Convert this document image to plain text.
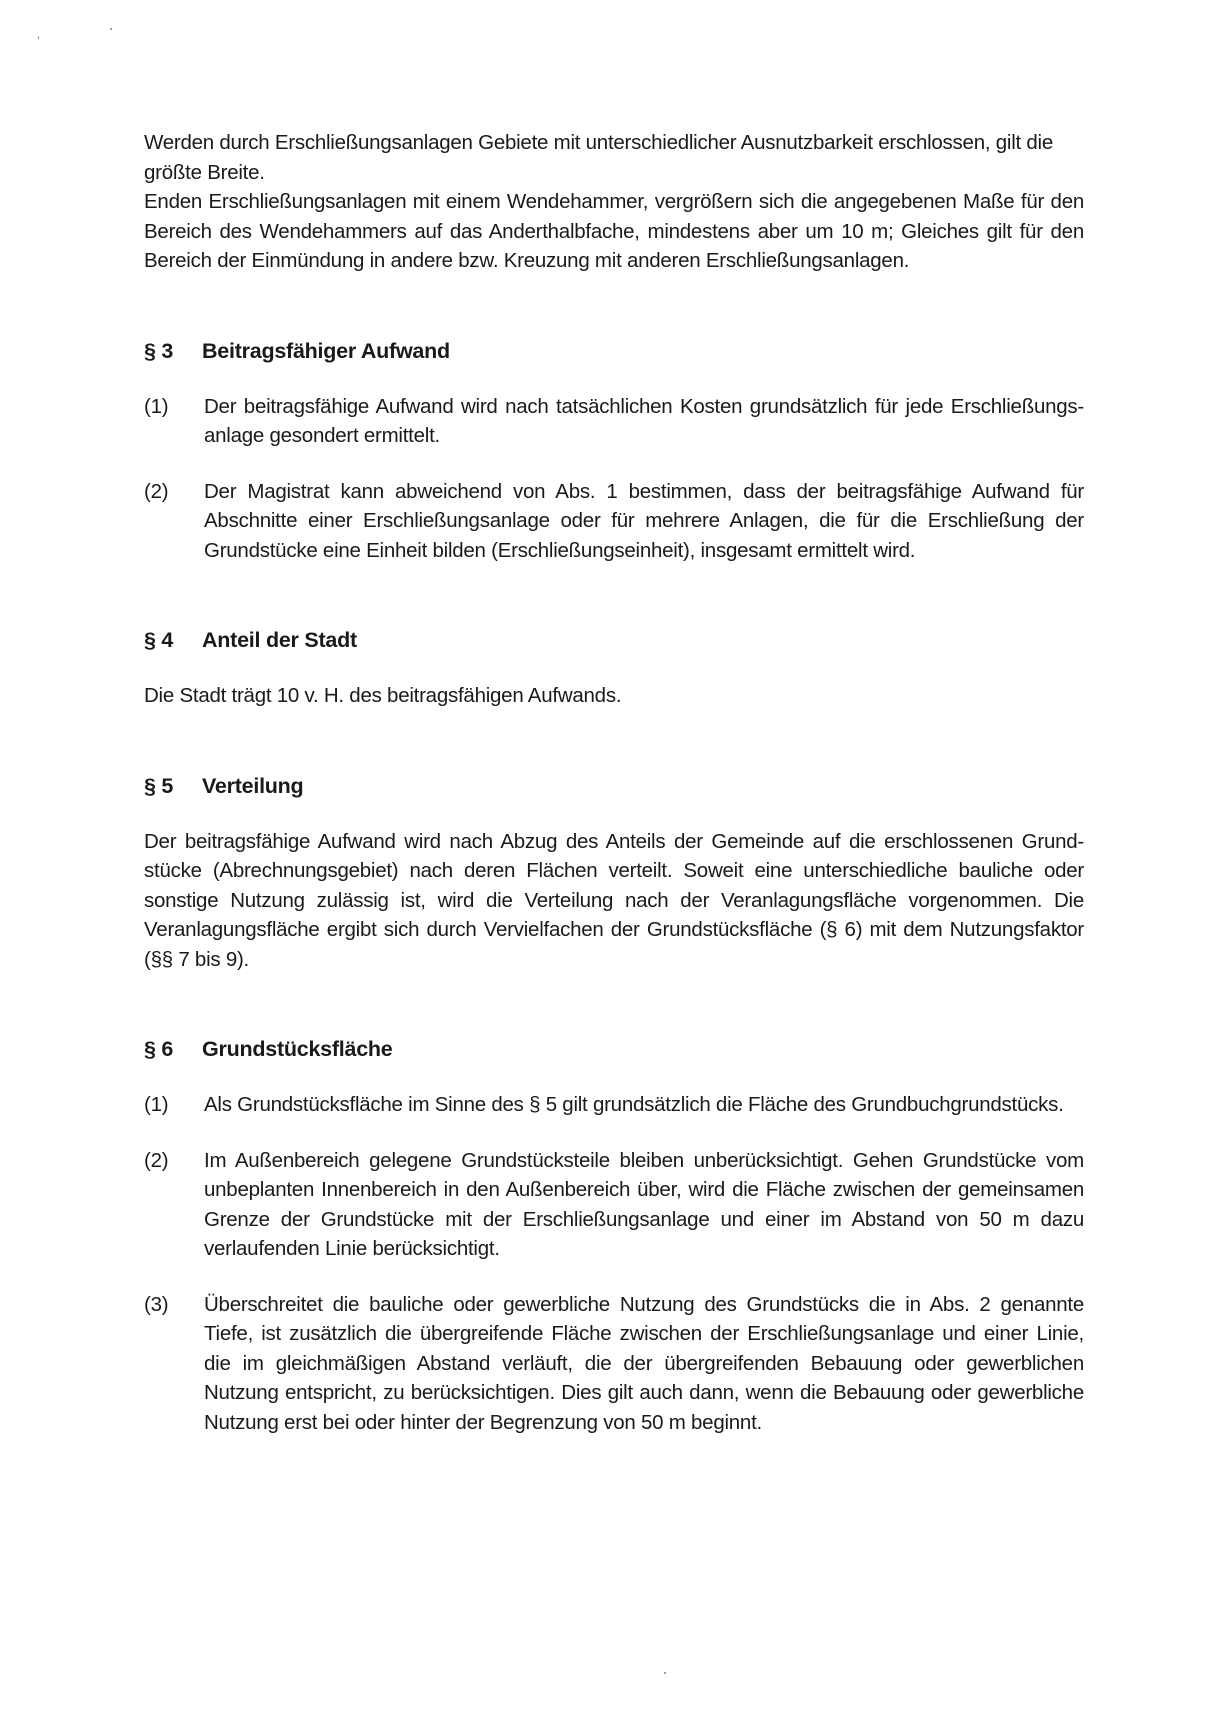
Werden durch Erschließungsanlagen Gebiete mit unterschiedlicher Ausnutzbarkeit erschlossen, gilt die
größte Breite.

Enden Erschließungsanlagen mit einem Wendehammer, vergrößern sich die angegebenen Maße für den Bereich des Wendehammers auf das Anderthalbfache, mindestens aber um 10 m; Gleiches gilt für den Bereich der Einmündung in andere bzw. Kreuzung mit anderen Erschließungsanlagen.

§ 3	Beitragsfähiger Aufwand
(1)	Der beitragsfähige Aufwand wird nach tatsächlichen Kosten grundsätzlich für jede Erschließungs- anlage gesondert ermittelt.
(2)	Der Magistrat kann abweichend von Abs. 1 bestimmen, dass der beitragsfähige Aufwand für Abschnitte einer Erschließungsanlage oder für mehrere Anlagen, die für die Erschließung der Grundstücke eine Einheit bilden (Erschließungseinheit), insgesamt ermittelt wird.
§ 4	Anteil der Stadt

Die Stadt trägt 10 v. H. des beitragsfähigen Aufwands.

§ 5	Verteilung

Der beitragsfähige Aufwand wird nach Abzug des Anteils der Gemeinde auf die erschlossenen Grund- stücke (Abrechnungsgebiet) nach deren Flächen verteilt. Soweit eine unterschiedliche bauliche oder sonstige Nutzung zulässig ist, wird die Verteilung nach der Veranlagungsfläche vorgenommen. Die Veranlagungsfläche ergibt sich durch Vervielfachen der Grundstücksfläche (§ 6) mit dem Nutzungsfaktor (§§ 7 bis 9).

§ 6	Grundstücksfläche
(1)	Als Grundstücksfläche im Sinne des § 5 gilt grundsätzlich die Fläche des Grundbuchgrundstücks.
(2)	Im Außenbereich gelegene Grundstücksteile bleiben unberücksichtigt. Gehen Grundstücke vom unbeplanten Innenbereich in den Außenbereich über, wird die Fläche zwischen der gemeinsamen Grenze der Grundstücke mit der Erschließungsanlage und einer im Abstand von 50 m dazu verlaufenden Linie berücksichtigt.
(3)	Überschreitet die bauliche oder gewerbliche Nutzung des Grundstücks die in Abs. 2 genannte Tiefe, ist zusätzlich die übergreifende Fläche zwischen der Erschließungsanlage und einer Linie, die im gleichmäßigen Abstand verläuft, die der übergreifenden Bebauung oder gewerblichen Nutzung entspricht, zu berücksichtigen. Dies gilt auch dann, wenn die Bebauung oder gewerbliche Nutzung erst bei oder hinter der Begrenzung von 50 m beginnt.
